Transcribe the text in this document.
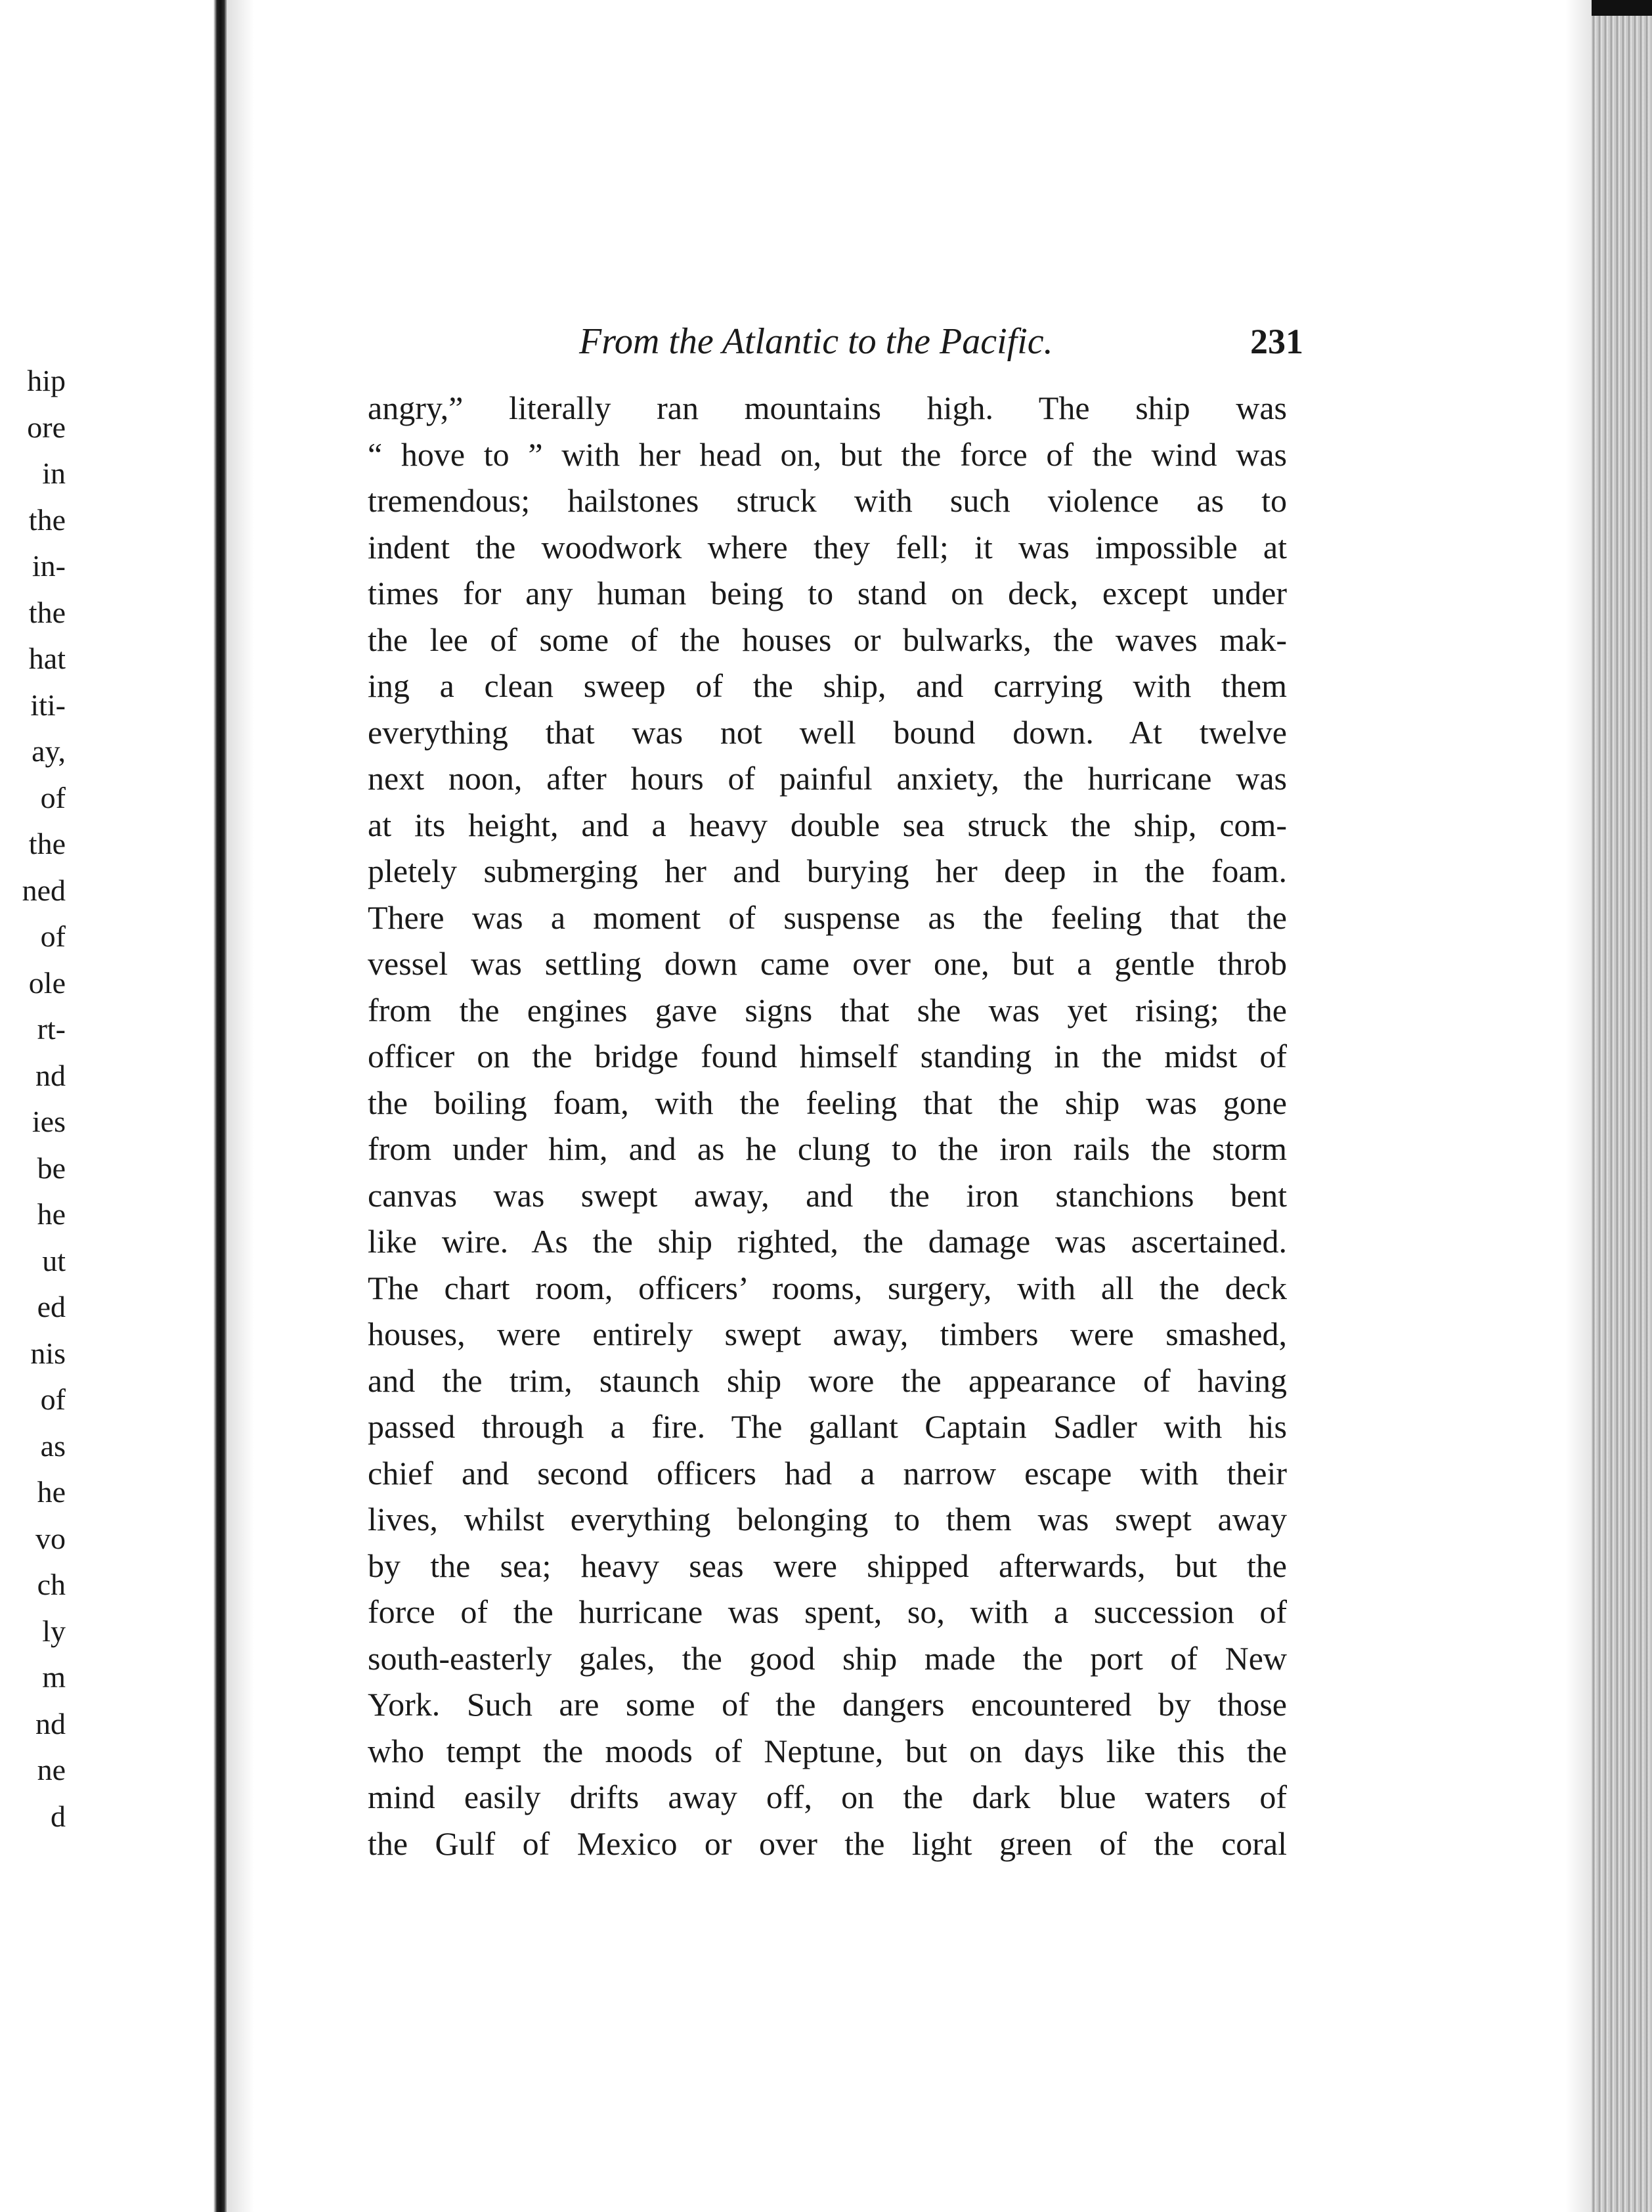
hip
ore
in
the
in-
the
hat
iti-
ay,
of
the
ned
of
ole
rt-
nd
ies
be
he
ut
ed
nis
of
as
he
vo
ch
ly
m
nd
ne
d
From the Atlantic to the Pacific.	231
angry,” literally ran mountains high. The ship was
“ hove to ” with her head on, but the force of the wind was
tremendous; hailstones struck with such violence as to
indent the woodwork where they fell; it was impossible at
times for any human being to stand on deck, except under
the lee of some of the houses or bulwarks, the waves mak-
ing a clean sweep of the ship, and carrying with them
everything that was not well bound down. At twelve
next noon, after hours of painful anxiety, the hurricane was
at its height, and a heavy double sea struck the ship, com-
pletely submerging her and burying her deep in the foam.
There was a moment of suspense as the feeling that the
vessel was settling down came over one, but a gentle throb
from the engines gave signs that she was yet rising; the
officer on the bridge found himself standing in the midst of
the boiling foam, with the feeling that the ship was gone
from under him, and as he clung to the iron rails the storm
canvas was swept away, and the iron stanchions bent
like wire. As the ship righted, the damage was ascertained.
The chart room, officers’ rooms, surgery, with all the deck
houses, were entirely swept away, timbers were smashed,
and the trim, staunch ship wore the appearance of having
passed through a fire. The gallant Captain Sadler with his
chief and second officers had a narrow escape with their
lives, whilst everything belonging to them was swept away
by the sea; heavy seas were shipped afterwards, but the
force of the hurricane was spent, so, with a succession of
south-easterly gales, the good ship made the port of New
York. Such are some of the dangers encountered by those
who tempt the moods of Neptune, but on days like this the
mind easily drifts away off, on the dark blue waters of
the Gulf of Mexico or over the light green of the coral
